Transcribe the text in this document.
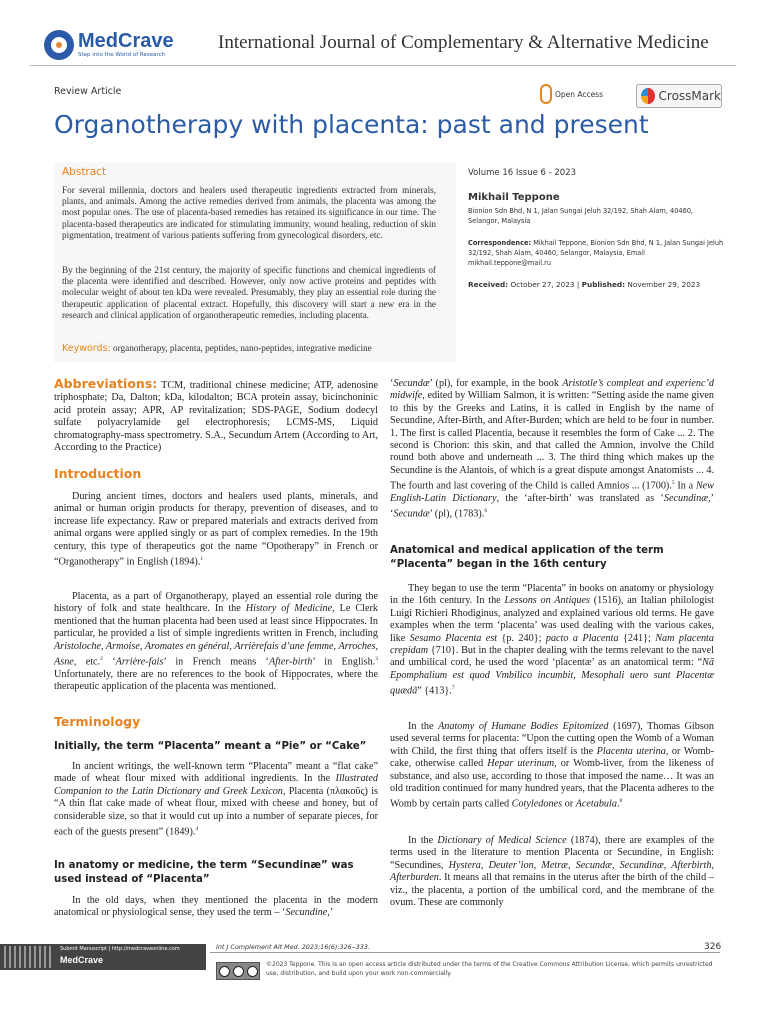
MedCrave
Step into the World of Research
International Journal of Complementary & Alternative Medicine
Review Article	Open Access	CrossMark
Organotherapy with placenta: past and present
Abstract

For several millennia, doctors and healers used therapeutic ingredients extracted from minerals, plants, and animals. Among the active remedies derived from animals, the placenta was among the most popular ones. The use of placenta-based remedies has retained its significance in our time. The placenta-based therapeutics are indicated for stimulating immunity, wound healing, reduction of skin pigmentation, treatment of various patients suffering from gynecological disorders, etc.

By the beginning of the 21st century, the majority of specific functions and chemical ingredients of the placenta were identified and described. However, only now active proteins and peptides with molecular weight of about ten kDa were revealed. Presumably, they play an essential role during the therapeutic application of placental extract. Hopefully, this discovery will start a new era in the research and clinical application of organotherapeutic remedies, including placenta.

Keywords: organotherapy, placenta, peptides, nano-peptides, integrative medicine

Volume 16 Issue 6 - 2023
Mikhail Teppone
Bionion Sdn Bhd, N 1, Jalan Sungai Jeluh 32/192, Shah Alam, 40460, Selangor, Malaysia
Correspondence: Mikhail Teppone, Bionion Sdn Bhd, N 1, Jalan Sungai Jeluh 32/192, Shah Alam, 40460, Selangor, Malaysia, Email mikhail.teppone@mail.ru
Received: October 27, 2023 | Published: November 29, 2023

Abbreviations: TCM, traditional chinese medicine; ATP, adenosine triphosphate; Da, Dalton; kDa, kilodalton; BCA protein assay, bicinchoninic acid protein assay; APR, AP revitalization; SDS-PAGE, Sodium dodecyl sulfate polyacrylamide gel electrophoresis; LCMS-MS, Liquid chromatography-mass spectrometry. S.A., Secundum Artem (According to Art, According to the Practice)

Introduction

During ancient times, doctors and healers used plants, minerals, and animal or human origin products for therapy, prevention of diseases, and to increase life expectancy. Raw or prepared materials and extracts derived from animal organs were applied singly or as part of complex remedies. In the 19th century, this type of therapeutics got the name “Opotherapy” in French or “Organotherapy” in English (1894).$^1$

Placenta, as a part of Organotherapy, played an essential role during the history of folk and state healthcare. In the History of Medicine, Le Clerk mentioned that the human placenta had been used at least since Hippocrates. In particular, he provided a list of simple ingredients written in French, including Aristoloche, Armoise, Aromates en général, Arrièrefais d’une femme, Arroches, Asne, etc.$^2$ ‘Arrière-fais’ in French means ‘After-birth’ in English.$^3$ Unfortunately, there are no references to the book of Hippocrates, where the therapeutic application of the placenta was mentioned.

Terminology
Initially, the term “Placenta” meant a “Pie” or “Cake”

In ancient writings, the well-known term “Placenta” meant a “flat cake” made of wheat flour mixed with additional ingredients. In the Illustrated Companion to the Latin Dictionary and Greek Lexicon, Placenta (πλακοῦς) is “A thin flat cake made of wheat flour, mixed with cheese and honey, but of considerable size, so that it would cut up into a number of separate pieces, for each of the guests present” (1849).$^4$

In anatomy or medicine, the term “Secundinæ” was used instead of “Placenta”

In the old days, when they mentioned the placenta in the modern anatomical or physiological sense, they used the term – ‘Secundine,’

‘Secundæ’ (pl), for example, in the book Aristotle’s compleat and experienc’d midwife, edited by William Salmon, it is written: “Setting aside the name given to this by the Greeks and Latins, it is called in English by the name of Secundine, After-Birth, and After-Burden; which are held to be four in number. 1. The first is called Placentia, because it resembles the form of Cake ... 2. The second is Chorion: this skin, and that called the Amnion, involve the Child round both above and underneath ... 3. The third thing which makes up the Secundine is the Alantois, of which is a great dispute amongst Anatomists ... 4. The fourth and last covering of the Child is called Amnios ... (1700).$^5$ In a New English-Latin Dictionary, the ‘after-birth’ was translated as ‘Secundinæ,’ ‘Secundæ’ (pl), (1783).$^6$

Anatomical and medical application of the term “Placenta” began in the 16th century

They began to use the term “Placenta” in books on anatomy or physiology in the 16th century. In the Lessons on Antiques (1516), an Italian philologist Luigi Richieri Rhodiginus, analyzed and explained various old terms. He gave examples when the term ‘placenta’ was used dealing with the various cakes, like Sesamo Placenta est {p. 240}; pacto a Placenta {241}; Nam placenta crepidam {710}. But in the chapter dealing with the terms relevant to the navel and umbilical cord, he used the word ‘placentæ’ as an anatomical term: “Nã Epomphalium est quod Vmbilico incumbit, Mesophali uero sunt Placentæ quædã” {413}.$^7$

In the Anatomy of Humane Bodies Epitomized (1697), Thomas Gibson used several terms for placenta: “Upon the cutting open the Womb of a Woman with Child, the first thing that offers itself is the Placenta uterina, or Womb-cake, otherwise called Hepar uterinum, or Womb-liver, from the likeness of substance, and also use, according to those that imposed the name… It was an old tradition continued for many hundred years, that the Placenta adheres to the Womb by certain parts called Cotyledones or Acetabula.$^8$

In the Dictionary of Medical Science (1874), there are examples of the terms used in the literature to mention Placenta or Secundine, in English: “Secundines, Hystera, Deuter’ion, Metræ, Secundæ, Secundinæ, Afterbirth, Afterburden. It means all that remains in the uterus after the birth of the child – viz., the placenta, a portion of the umbilical cord, and the membrane of the ovum. These are commonly

Submit Manuscript | http://medcraveonline.com
MedCrave
Int J Complement Alt Med. 2023;16(6):326‒333.	326
©2023 Teppone. This is an open access article distributed under the terms of the Creative Commons Attribution License, which permits unrestricted use, distribution, and build upon your work non-commercially.
